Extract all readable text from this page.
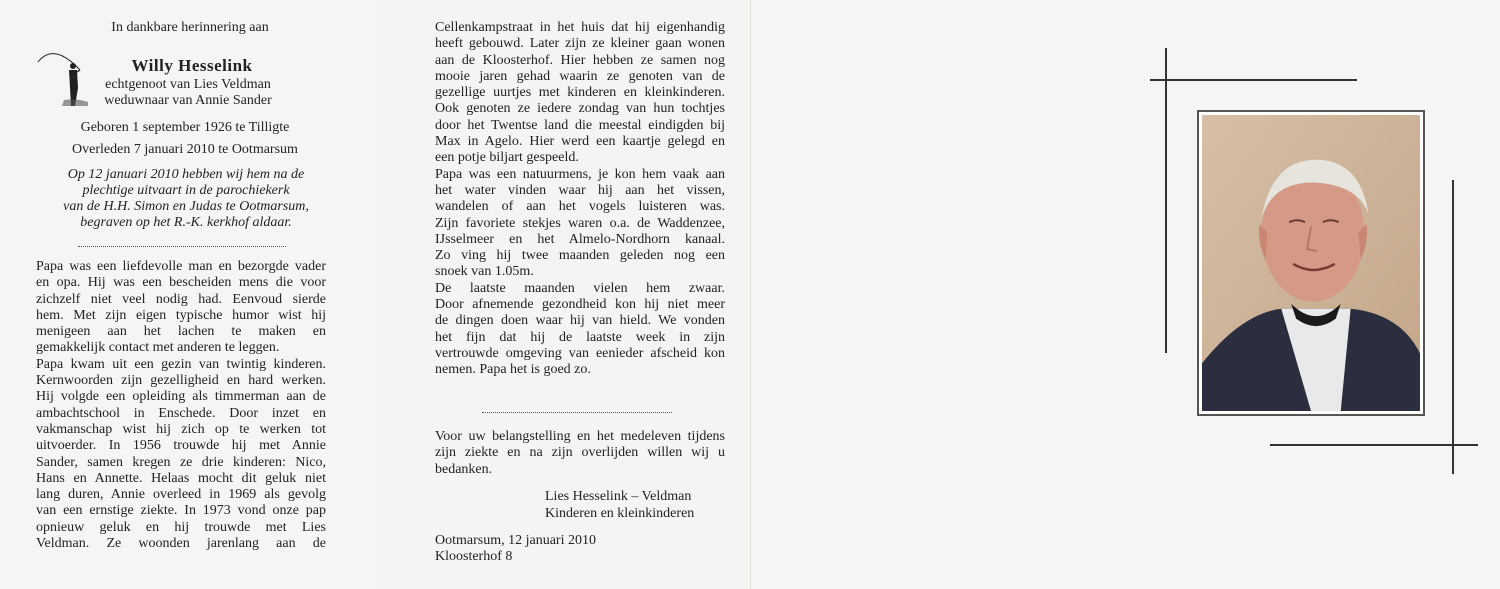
In dankbare herinnering aan
Willy Hesselink
echtgenoot van Lies Veldman
weduwnaar van Annie Sander
Geboren 1 september 1926 te Tilligte
Overleden 7 januari 2010 te Ootmarsum
Op 12 januari 2010 hebben wij hem na de
plechtige uitvaart in de parochiekerk
van de H.H. Simon en Judas te Ootmarsum,
begraven op het R.-K. kerkhof aldaar.
Papa was een liefdevolle man en bezorgde vader
en opa. Hij was een bescheiden mens die voor
zichzelf niet veel nodig had. Eenvoud sierde
hem. Met zijn eigen typische humor wist hij
menigeen aan het lachen te maken en
gemakkelijk contact met anderen te leggen.
Papa kwam uit een gezin van twintig kinderen.
Kernwoorden zijn gezelligheid en hard werken.
Hij volgde een opleiding als timmerman aan de
ambachtschool in Enschede. Door inzet en
vakmanschap wist hij zich op te werken tot
uitvoerder. In 1956 trouwde hij met Annie
Sander, samen kregen ze drie kinderen: Nico,
Hans en Annette. Helaas mocht dit geluk niet
lang duren, Annie overleed in 1969 als gevolg
van een ernstige ziekte. In 1973 vond onze pap
opnieuw geluk en hij trouwde met Lies
Veldman. Ze woonden jarenlang aan de
Cellenkampstraat in het huis dat hij eigenhandig
heeft gebouwd. Later zijn ze kleiner gaan wonen
aan de Kloosterhof. Hier hebben ze samen nog
mooie jaren gehad waarin ze genoten van de
gezellige uurtjes met kinderen en kleinkinderen.
Ook genoten ze iedere zondag van hun tochtjes
door het Twentse land die meestal eindigden bij
Max in Agelo. Hier werd een kaartje gelegd en
een potje biljart gespeeld.
Papa was een natuurmens, je kon hem vaak aan
het water vinden waar hij aan het vissen,
wandelen of aan het vogels luisteren was.
Zijn favoriete stekjes waren o.a. de Waddenzee,
IJsselmeer en het Almelo-Nordhorn kanaal.
Zo ving hij twee maanden geleden nog een
snoek van 1.05m.
De laatste maanden vielen hem zwaar.
Door afnemende gezondheid kon hij niet meer
de dingen doen waar hij van hield. We vonden
het fijn dat hij de laatste week in zijn
vertrouwde omgeving van eenieder afscheid kon
nemen. Papa het is goed zo.
Voor uw belangstelling en het medeleven tijdens
zijn ziekte en na zijn overlijden willen wij u
bedanken.
Lies Hesselink – Veldman
Kinderen en kleinkinderen
Ootmarsum, 12 januari 2010
Kloosterhof 8
